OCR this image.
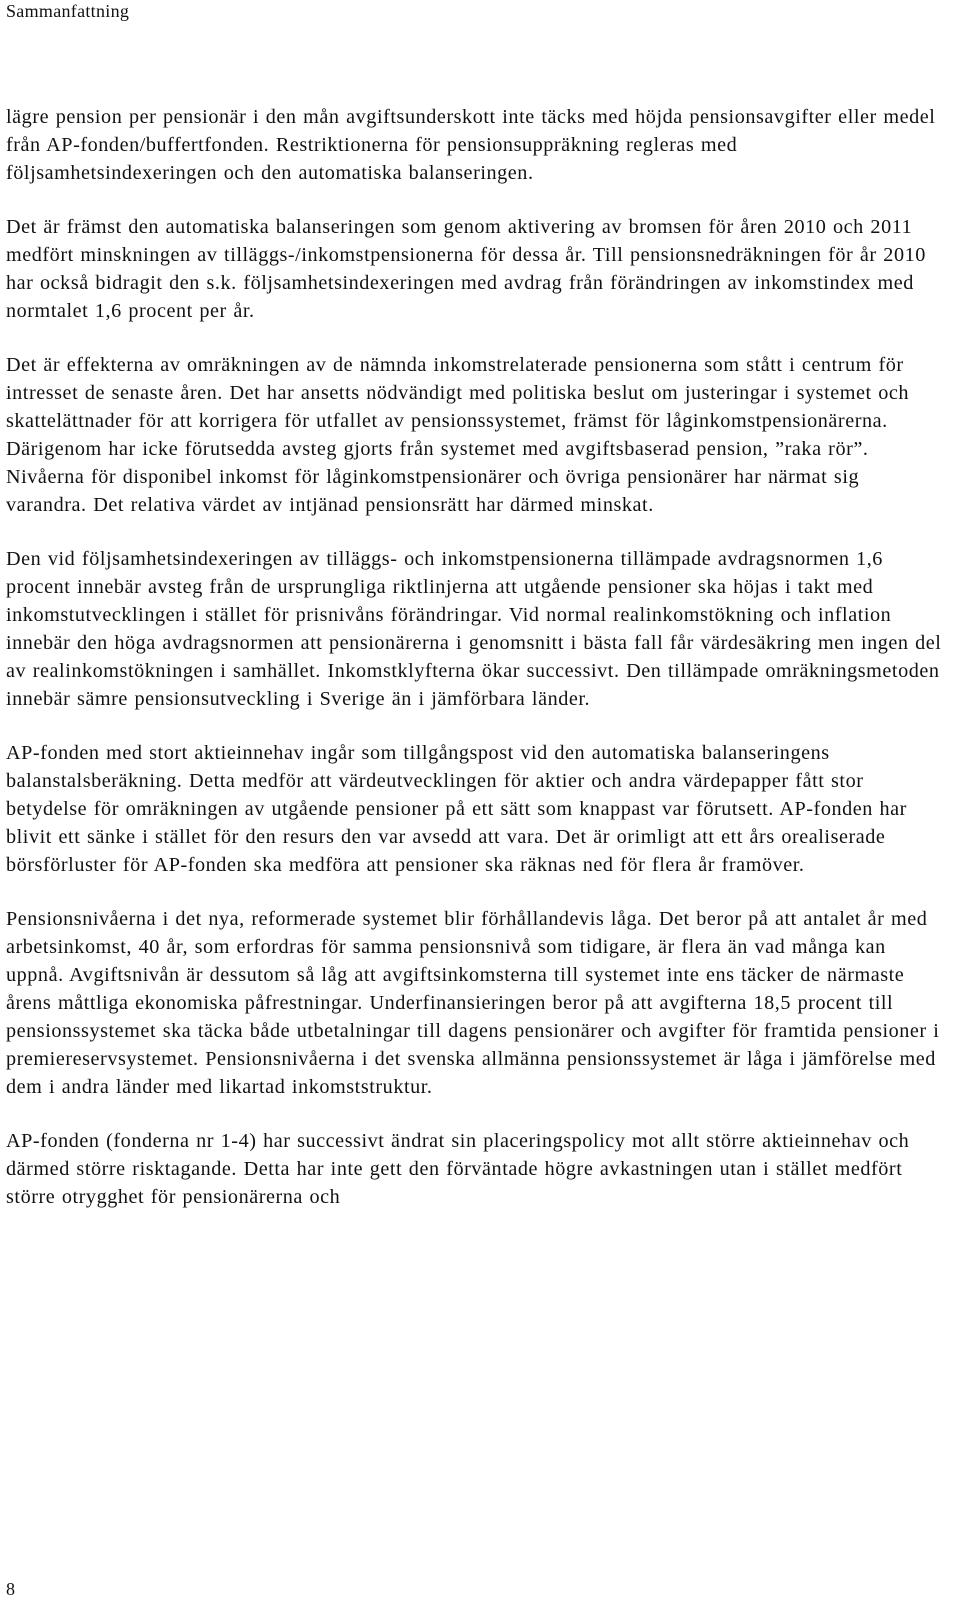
Sammanfattning

lägre pension per pensionär i den mån avgiftsunderskott inte täcks med höjda pensionsavgifter eller medel från AP-fonden/buffertfonden. Restriktionerna för pensionsuppräkning regleras med följsamhetsindexeringen och den automatiska balanseringen.

Det är främst den automatiska balanseringen som genom aktivering av bromsen för åren 2010 och 2011 medfört minskningen av tilläggs-/inkomstpensionerna för dessa år. Till pensionsnedräkningen för år 2010 har också bidragit den s.k. följsamhetsindexeringen med avdrag från förändringen av inkomstindex med normtalet 1,6 procent per år.

Det är effekterna av omräkningen av de nämnda inkomstrelaterade pensionerna som stått i centrum för intresset de senaste åren. Det har ansetts nödvändigt med politiska beslut om justeringar i systemet och skattelättnader för att korrigera för utfallet av pensionssystemet, främst för låginkomstpensionärerna. Därigenom har icke förutsedda avsteg gjorts från systemet med avgiftsbaserad pension, ”raka rör”. Nivåerna för disponibel inkomst för låginkomstpensionärer och övriga pensionärer har närmat sig varandra. Det relativa värdet av intjänad pensionsrätt har därmed minskat.

Den vid följsamhetsindexeringen av tilläggs- och inkomstpensionerna tillämpade avdragsnormen 1,6 procent innebär avsteg från de ursprungliga riktlinjerna att utgående pensioner ska höjas i takt med inkomstutvecklingen i stället för prisnivåns förändringar. Vid normal realinkomstökning och inflation innebär den höga avdragsnormen att pensionärerna i genomsnitt i bästa fall får värdesäkring men ingen del av realinkomstökningen i samhället. Inkomstklyfterna ökar successivt. Den tillämpade omräkningsmetoden innebär sämre pensionsutveckling i Sverige än i jämförbara länder.

AP-fonden med stort aktieinnehav ingår som tillgångspost vid den automatiska balanseringens balanstalsberäkning. Detta medför att värdeutvecklingen för aktier och andra värdepapper fått stor betydelse för omräkningen av utgående pensioner på ett sätt som knappast var förutsett. AP-fonden har blivit ett sänke i stället för den resurs den var avsedd att vara. Det är orimligt att ett års orealiserade börsförluster för AP-fonden ska medföra att pensioner ska räknas ned för flera år framöver.

Pensionsnivåerna i det nya, reformerade systemet blir förhållandevis låga. Det beror på att antalet år med arbetsinkomst, 40 år, som erfordras för samma pensionsnivå som tidigare, är flera än vad många kan uppnå. Avgiftsnivån är dessutom så låg att avgiftsinkomsterna till systemet inte ens täcker de närmaste årens måttliga ekonomiska påfrestningar. Underfinansieringen beror på att avgifterna 18,5 procent till pensionssystemet ska täcka både utbetalningar till dagens pensionärer och avgifter för framtida pensioner i premiereservsystemet. Pensionsnivåerna i det svenska allmänna pensionssystemet är låga i jämförelse med dem i andra länder med likartad inkomststruktur.

AP-fonden (fonderna nr 1-4) har successivt ändrat sin placeringspolicy mot allt större aktieinnehav och därmed större risktagande. Detta har inte gett den förväntade högre avkastningen utan i stället medfört större otrygghet för pensionärerna och

8
